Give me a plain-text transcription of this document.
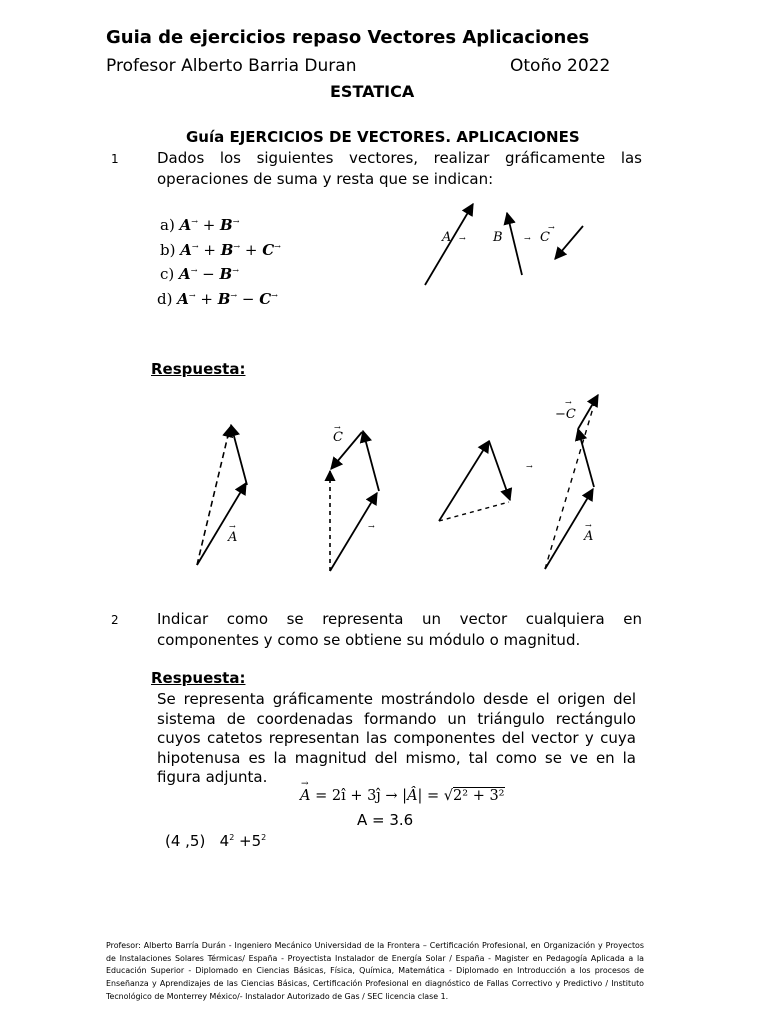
Guia de ejercicios repaso Vectores Aplicaciones
Profesor Alberto Barria Duran	Otoño 2022
ESTATICA
Guía EJERCICIOS DE VECTORES. APLICACIONES
1	Dados los siguientes vectores, realizar gráficamente las operaciones de suma y resta que se indican:
a) A→ + B→
b) A→ + B→ + C→
c) A→ − B→
d) A→ + B→ − C→
A → B	→ C
→
Respuesta:
A
→
C
→
→
→
−C
→
A
→
2	Indicar como se representa un vector cualquiera en componentes y como se obtiene su módulo o magnitud.
Respuesta:
Se representa gráficamente mostrándolo desde el origen del sistema de coordenadas formando un triángulo rectángulo cuyos catetos representan las componentes del vector y cuya hipotenusa es la magnitud del mismo, tal como se ve en la figura adjunta.	→
A = 2î + 3ĵ → |Â| = √2² + 3²
A = 3.6
(4 ,5) $4^2 +5^2$
Profesor: Alberto Barría Durán - Ingeniero Mecánico Universidad de la Frontera – Certificación Profesional, en Organización y Proyectos de Instalaciones Solares Térmicas/ España - Proyectista Instalador de Energía Solar / España - Magister en Pedagogía Aplicada a la Educación Superior - Diplomado en Ciencias Básicas, Física, Química, Matemática - Diplomado en Introducción a los procesos de Enseñanza y Aprendizajes de las Ciencias Básicas, Certificación Profesional en diagnóstico de Fallas Correctivo y Predictivo / Instituto Tecnológico de Monterrey México/- Instalador Autorizado de Gas / SEC licencia clase 1.
